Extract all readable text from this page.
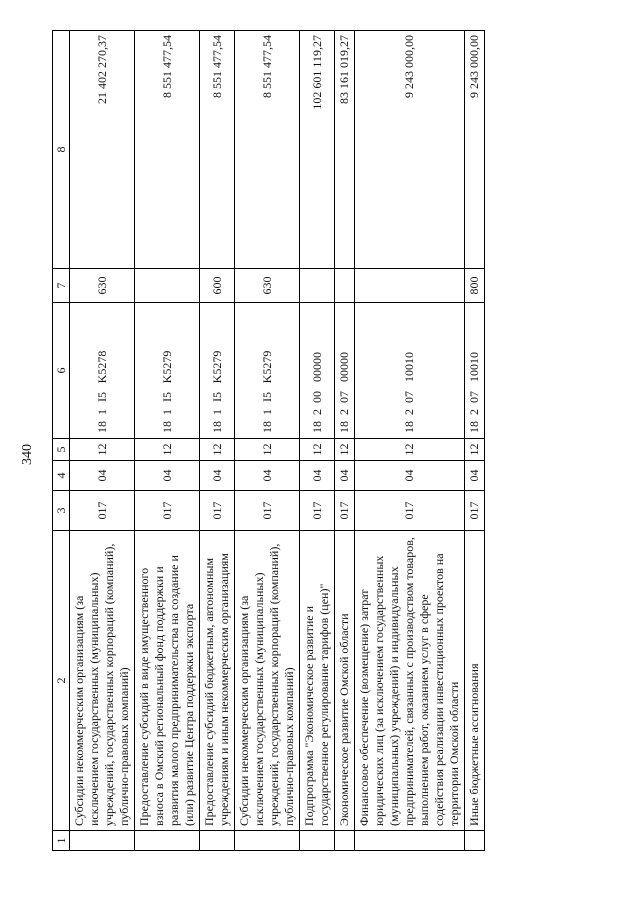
340
1	2	3	4	5	6	7	8
	Субсидии некоммерческим организациям (за исключением государственных (муниципальных) учреждений, государственных корпораций (компаний), публично-правовых компаний)	017	04	12	181I5K5278	630	21 402 270,37
	Предоставление субсидий в виде имущественного взноса в Омский региональный фонд поддержки и развития малого предпринимательства на создание и (или) развитие Центра поддержки экспорта	017	04	12	181I5K5279		8 551 477,54
	Предоставление субсидий бюджетным, автономным учреждениям и иным некоммерческим организациям	017	04	12	181I5K5279	600	8 551 477,54
	Субсидии некоммерческим организациям (за исключением государственных (муниципальных) учреждений, государственных корпораций (компаний), публично-правовых компаний)	017	04	12	181I5K5279	630	8 551 477,54
	Подпрограмма "Экономическое развитие и государственное регулирование тарифов (цен)"	017	04	12	1820000000		102 601 119,27
	Экономическое развитие Омской области	017	04	12	1820700000		83 161 019,27
	Финансовое обеспечение (возмещение) затрат юридических лиц (за исключением государственных (муниципальных) учреждений) и индивидуальных предпринимателей, связанных с производством товаров, выполнением работ, оказанием услуг в сфере содействия реализации инвестиционных проектов на территории Омской области	017	04	12	1820710010		9 243 000,00
	Иные бюджетные ассигнования	017	04	12	1820710010	800	9 243 000,00
